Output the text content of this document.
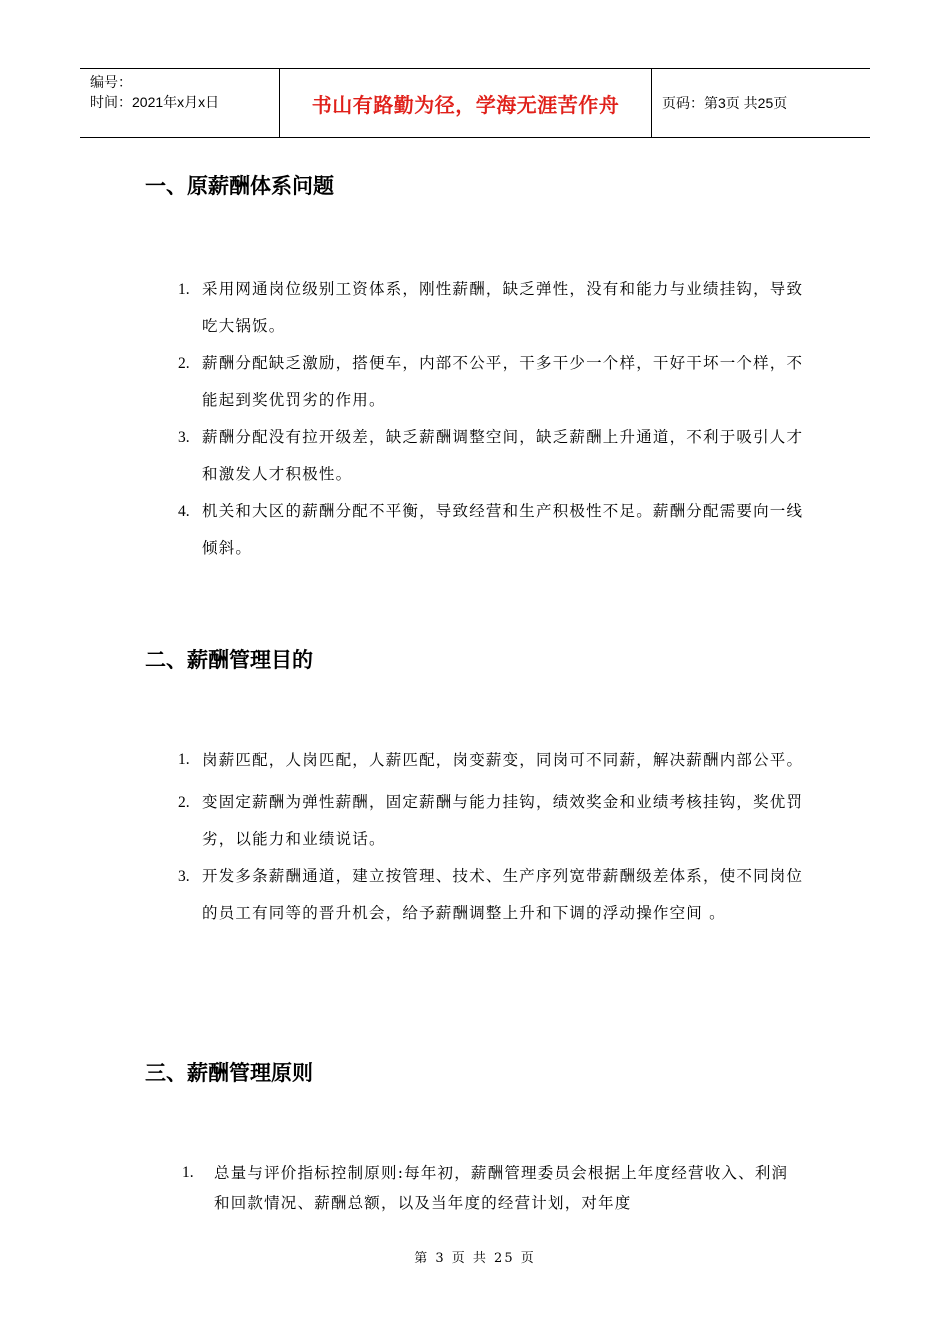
编号：
时间：2021年x月x日	书山有路勤为径，学海无涯苦作舟	页码：第3页 共25页
一、原薪酬体系问题
1. 采用网通岗位级别工资体系，刚性薪酬，缺乏弹性，没有和能力与业绩挂钩，导致吃大锅饭。
2. 薪酬分配缺乏激励，搭便车，内部不公平，干多干少一个样，干好干坏一个样，不能起到奖优罚劣的作用。
3. 薪酬分配没有拉开级差，缺乏薪酬调整空间，缺乏薪酬上升通道，不利于吸引人才和激发人才积极性。
4. 机关和大区的薪酬分配不平衡，导致经营和生产积极性不足。薪酬分配需要向一线倾斜。
二、薪酬管理目的
1. 岗薪匹配，人岗匹配，人薪匹配，岗变薪变，同岗可不同薪，解决薪酬内部公平。
2. 变固定薪酬为弹性薪酬，固定薪酬与能力挂钩，绩效奖金和业绩考核挂钩，奖优罚劣，以能力和业绩说话。
3. 开发多条薪酬通道，建立按管理、技术、生产序列宽带薪酬级差体系，使不同岗位的员工有同等的晋升机会，给予薪酬调整上升和下调的浮动操作空间 。
三、薪酬管理原则
1. 总量与评价指标控制原则:每年初，薪酬管理委员会根据上年度经营收入、利润和回款情况、薪酬总额，以及当年度的经营计划，对年度
第 3 页 共 25 页
